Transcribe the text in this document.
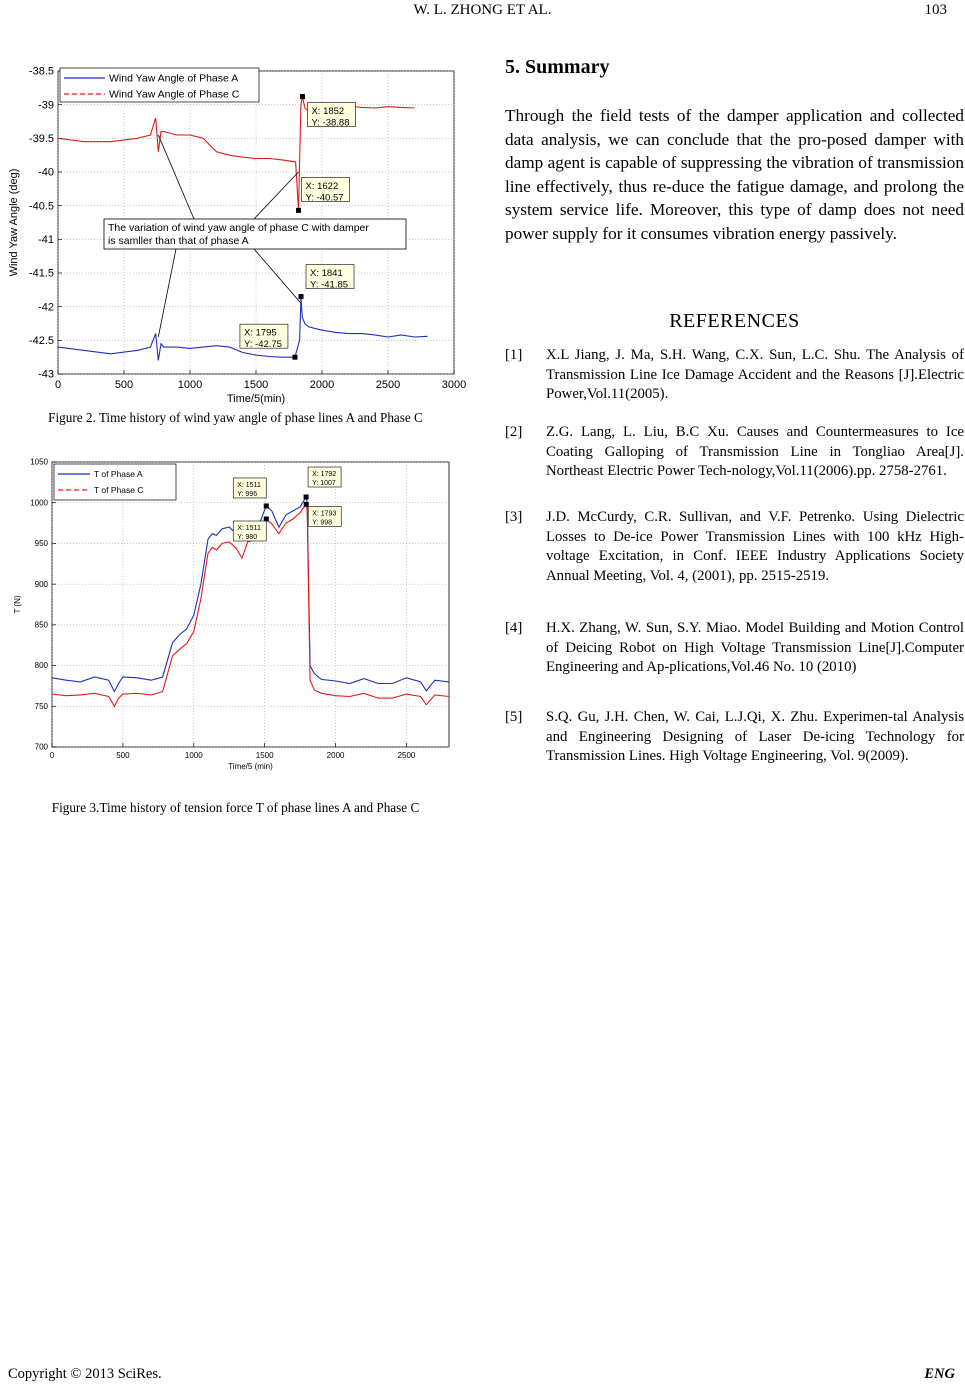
W. L. ZHONG ET AL.	103
0	500	1000	1500	2000	2500	3000
-38.5
-39
-39.5
-40
-40.5
-41
-41.5
-42
-42.5
-43
Time/5(min)
Wind Yaw Angle (deg)
Wind Yaw Angle of Phase A
Wind Yaw Angle of Phase C
X: 1852
Y: -38.88
X: 1622
Y: -40.57
X: 1841
Y: -41.85
X: 1795
Y: -42.75
The variation of wind yaw angle of phase C with damper
is samller than that of phase A
Figure 2. Time history of wind yaw angle of phase lines A and Phase C
0	500	1000	1500	2000	2500
700
750
800
850
900
950
1000
1050
Time/5 (min)
T (N)
T of Phase A
T of Phase C	X: 1511
Y: 996
X: 1511
Y: 980
X: 1792
Y: 1007
X: 1793
Y: 998
Figure 3.Time history of tension force T of phase lines A and Phase C
5. Summary
Through the field tests of the damper application and collected data analysis, we can conclude that the pro-posed damper with damp agent is capable of suppressing the vibration of transmission line effectively, thus re-duce the fatigue damage, and prolong the system service life. Moreover, this type of damp does not need power supply for it consumes vibration energy passively.
REFERENCES
[1] X.L Jiang, J. Ma, S.H. Wang, C.X. Sun, L.C. Shu. The Analysis of Transmission Line Ice Damage Accident and the Reasons [J].Electric Power,Vol.11(2005).
[2] Z.G. Lang, L. Liu, B.C Xu. Causes and Countermeasures to Ice Coating Galloping of Transmission Line in Tongliao Area[J]. Northeast Electric Power Tech-nology,Vol.11(2006).pp. 2758-2761.
[3] J.D. McCurdy, C.R. Sullivan, and V.F. Petrenko. Using Dielectric Losses to De-ice Power Transmission Lines with 100 kHz High-voltage Excitation, in Conf. IEEE Industry Applications Society Annual Meeting, Vol. 4, (2001), pp. 2515-2519.
[4] H.X. Zhang, W. Sun, S.Y. Miao. Model Building and Motion Control of Deicing Robot on High Voltage Transmission Line[J].Computer Engineering and Ap-plications,Vol.46 No. 10 (2010)
[5] S.Q. Gu, J.H. Chen, W. Cai, L.J.Qi, X. Zhu. Experimen-tal Analysis and Engineering Designing of Laser De-icing Technology for Transmission Lines. High Voltage Engineering, Vol. 9(2009).
Copyright © 2013 SciRes.	ENG
